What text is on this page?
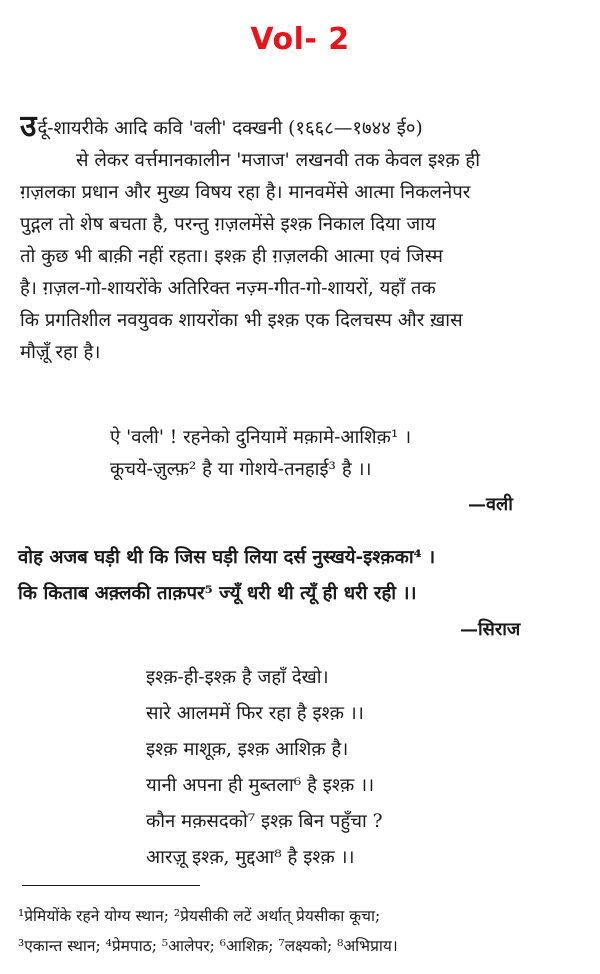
Vol- 2
उर्दू-शायरीके आदि कवि 'वली' दक्खनी (१६६८—१७४४ ई०)
से लेकर वर्त्तमानकालीन 'मजाज' लखनवी तक केवल इश्क़ ही
ग़ज़लका प्रधान और मुख्य विषय रहा है। मानवमेंसे आत्मा निकलनेपर
पुद्गल तो शेष बचता है, परन्तु ग़ज़लमेंसे इश्क़ निकाल दिया जाय
तो कुछ भी बाक़ी नहीं रहता। इश्क़ ही ग़ज़लकी आत्मा एवं जिस्म
है। ग़ज़ल-गो-शायरोंके अतिरिक्त नज़्म-गीत-गो-शायरों, यहाँ तक
कि प्रगतिशील नवयुवक शायरोंका भी इश्क़ एक दिलचस्प और ख़ास
मौज़ूँ रहा है।
ऐ 'वली' ! रहनेको दुनियामें मक़ामे-आशिक़¹ ।
कूचये-ज़ुल्फ़² है या गोशये-तनहाई³ है ।।
—वली
वोह अजब घड़ी थी कि जिस घड़ी लिया दर्स नुस्खये-इश्क़का⁴ ।
कि किताब अक़्लकी ताक़पर⁵ ज्यूँ धरी थी त्यूँ ही धरी रही ।।
—सिराज
इश्क़-ही-इश्क़ है जहाँ देखो।
सारे आलममें फिर रहा है इश्क़ ।।
इश्क़ माशूक़, इश्क़ आशिक़ है।
यानी अपना ही मुब्तला⁶ है इश्क़ ।।
कौन मक़सदको⁷ इश्क़ बिन पहुँचा ?
आरज़ू इश्क़, मुद्दआ⁸ है इश्क़ ।।
¹प्रेमियोंके रहने योग्य स्थान; ²प्रेयसीकी लटें अर्थात् प्रेयसीका कूचा;
³एकान्त स्थान; ⁴प्रेमपाठ; ⁵आलेपर; ⁶आशिक़; ⁷लक्ष्यको; ⁸अभिप्राय।
